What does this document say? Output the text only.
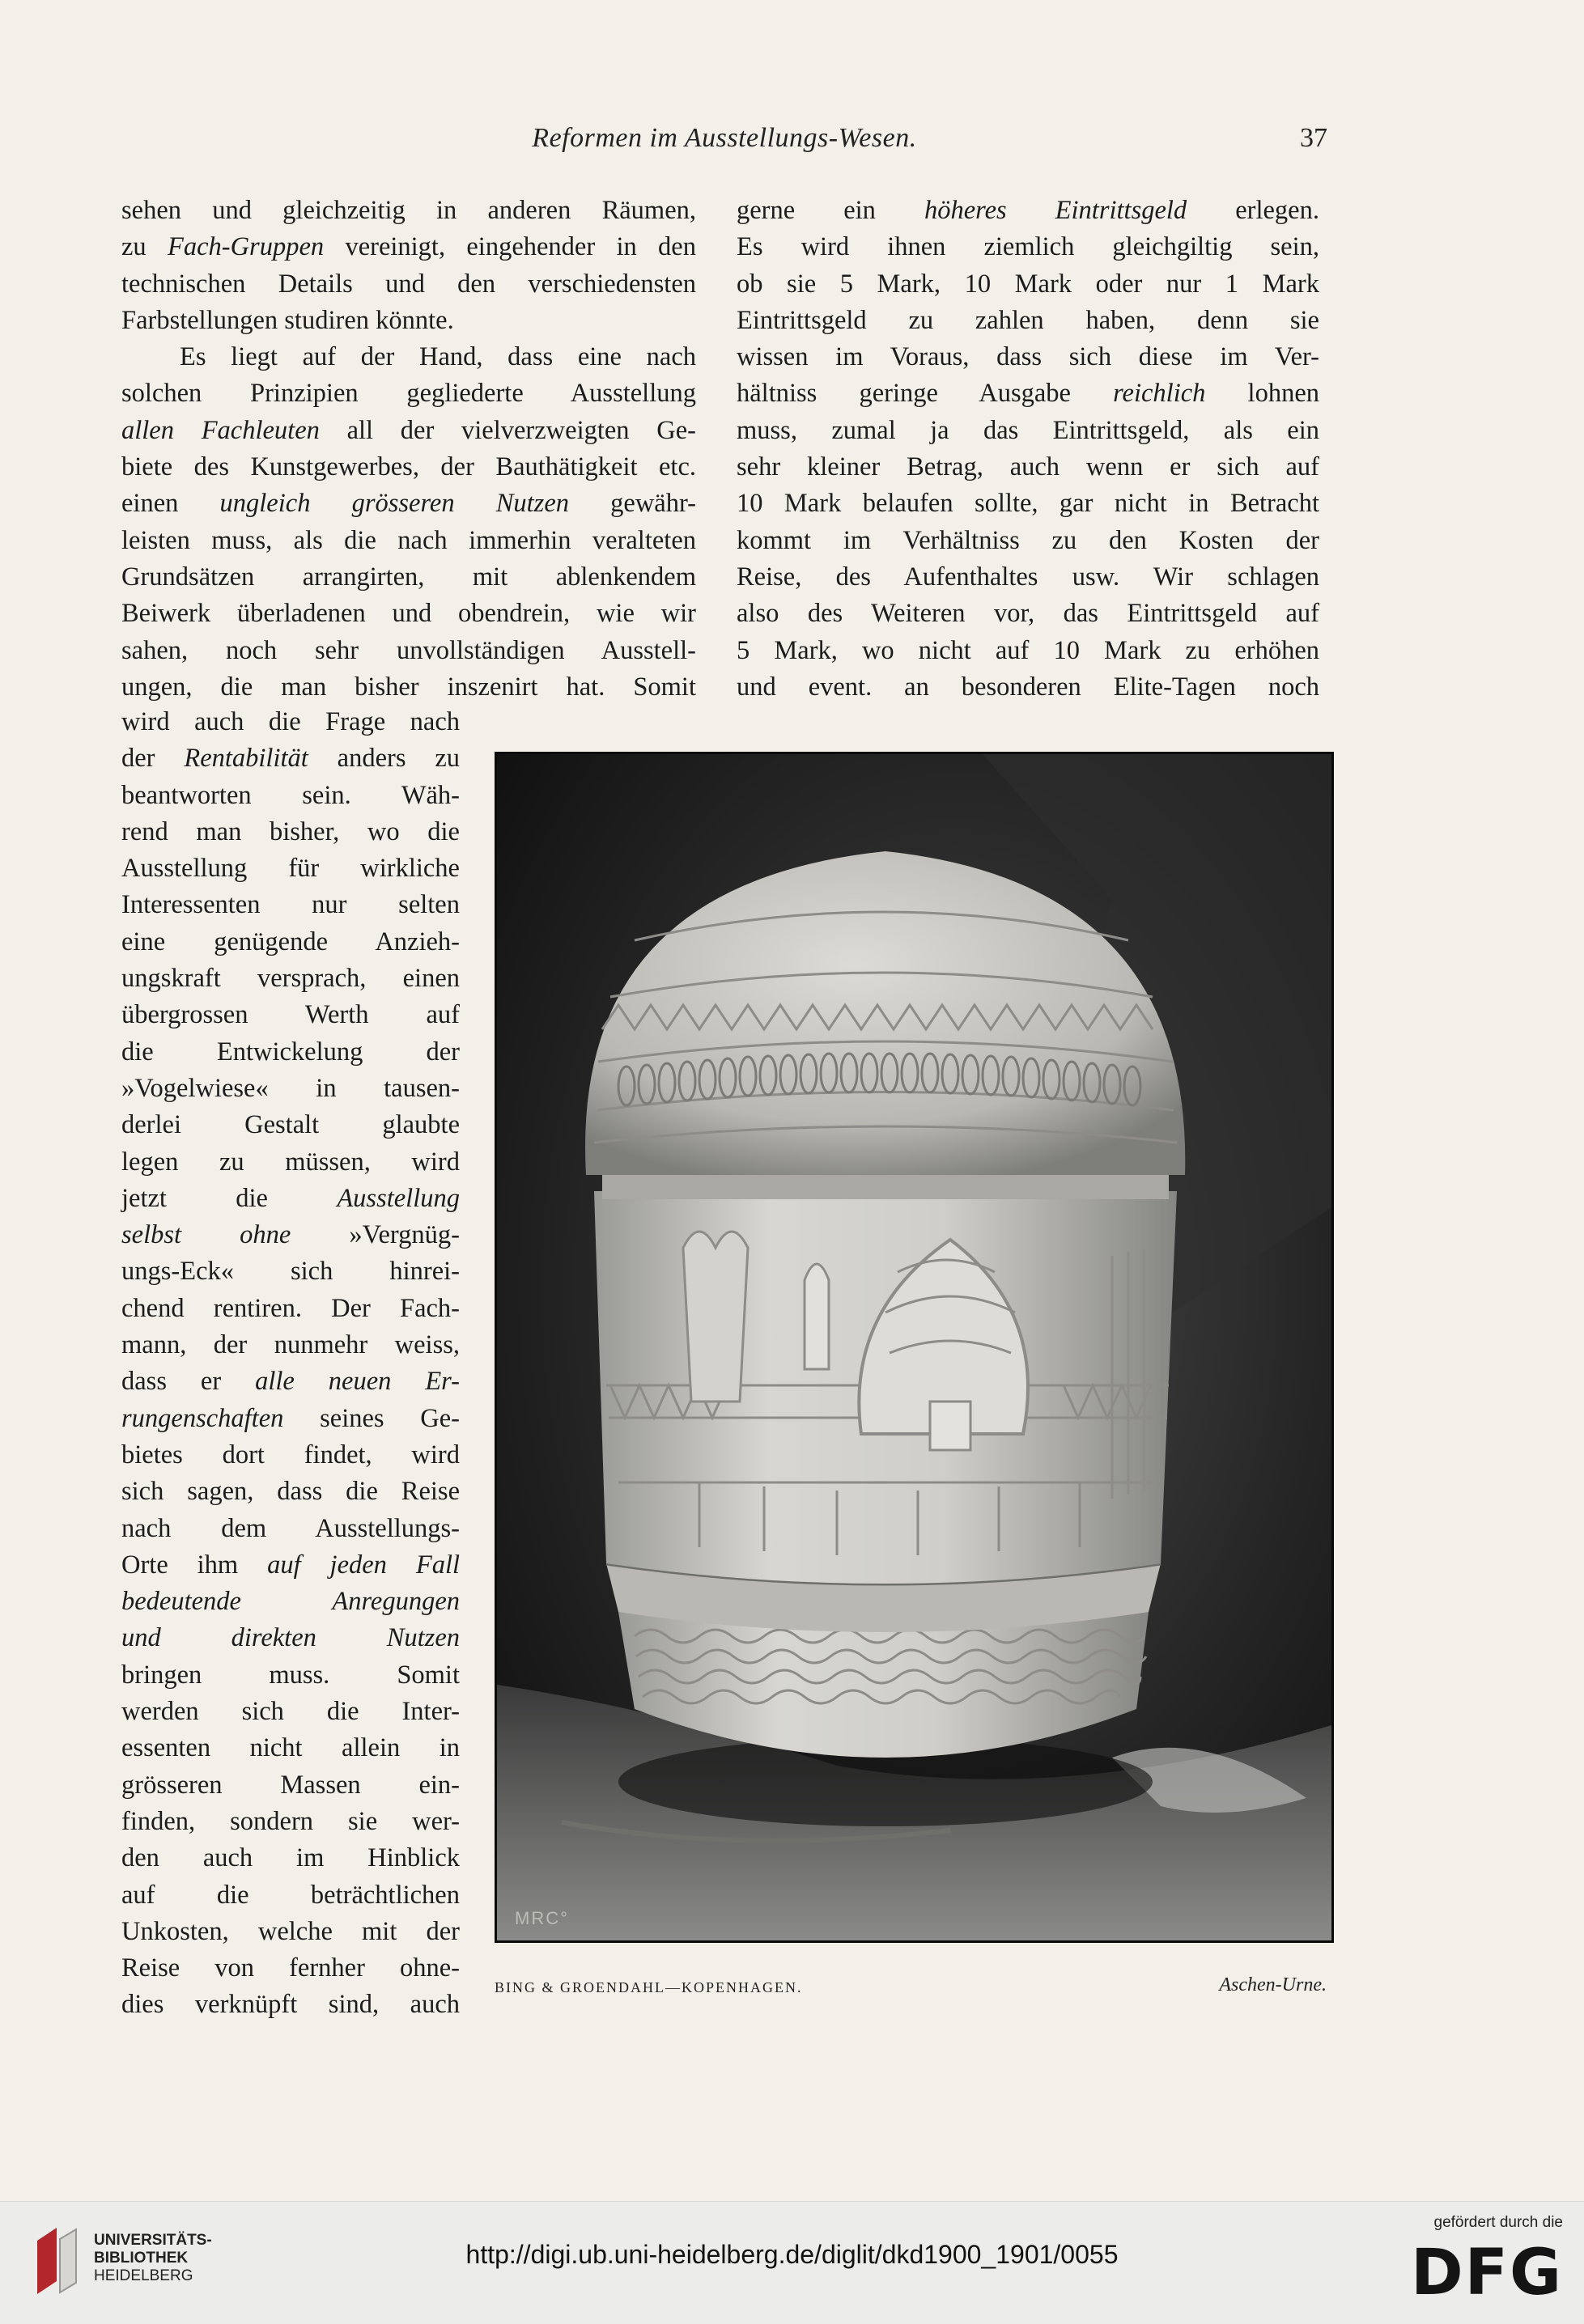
Reformen im Ausstellungs-Wesen.	37
sehen und gleichzeitig in anderen Räumen,
zu Fach-Gruppen vereinigt, eingehender in den
technischen Details und den verschiedensten
Farbstellungen studiren könnte.
Es liegt auf der Hand, dass eine nach
solchen Prinzipien gegliederte Ausstellung
allen Fachleuten all der vielverzweigten Ge-
biete des Kunstgewerbes, der Bauthätigkeit etc.
einen ungleich grösseren Nutzen gewähr-
leisten muss, als die nach immerhin veralteten
Grundsätzen arrangirten, mit ablenkendem
Beiwerk überladenen und obendrein, wie wir
sahen, noch sehr unvollständigen Ausstell-
ungen, die man bisher inszenirt hat. Somit
gerne ein höheres Eintrittsgeld erlegen.
Es wird ihnen ziemlich gleichgiltig sein,
ob sie 5 Mark, 10 Mark oder nur 1 Mark
Eintrittsgeld zu zahlen haben, denn sie
wissen im Voraus, dass sich diese im Ver-
hältniss geringe Ausgabe reichlich lohnen
muss, zumal ja das Eintrittsgeld, als ein
sehr kleiner Betrag, auch wenn er sich auf
10 Mark belaufen sollte, gar nicht in Betracht
kommt im Verhältniss zu den Kosten der
Reise, des Aufenthaltes usw. Wir schlagen
also des Weiteren vor, das Eintrittsgeld auf
5 Mark, wo nicht auf 10 Mark zu erhöhen
und event. an besonderen Elite-Tagen noch
wird auch die Frage nach
der Rentabilität anders zu
beantworten sein. Wäh-
rend man bisher, wo die
Ausstellung für wirkliche
Interessenten nur selten
eine genügende Anzieh-
ungskraft versprach, einen
übergrossen Werth auf
die Entwickelung der
»Vogelwiese« in tausen-
derlei Gestalt glaubte
legen zu müssen, wird
jetzt die Ausstellung
selbst ohne »Vergnüg-
ungs-Eck« sich hinrei-
chend rentiren. Der Fach-
mann, der nunmehr weiss,
dass er alle neuen Er-
rungenschaften seines Ge-
bietes dort findet, wird
sich sagen, dass die Reise
nach dem Ausstellungs-
Orte ihm auf jeden Fall
bedeutende Anregungen
und direkten Nutzen
bringen muss. Somit
werden sich die Inter-
essenten nicht allein in
grösseren Massen ein-
finden, sondern sie wer-
den auch im Hinblick
auf die beträchtlichen
Unkosten, welche mit der
Reise von fernher ohne-
dies verknüpft sind, auch
MRC°
BING & GROENDAHL—KOPENHAGEN.	Aschen-Urne.
UNIVERSITÄTS-
BIBLIOTHEK
HEIDELBERG
http://digi.ub.uni-heidelberg.de/diglit/dkd1900_1901/0055
gefördert durch die
DFG
